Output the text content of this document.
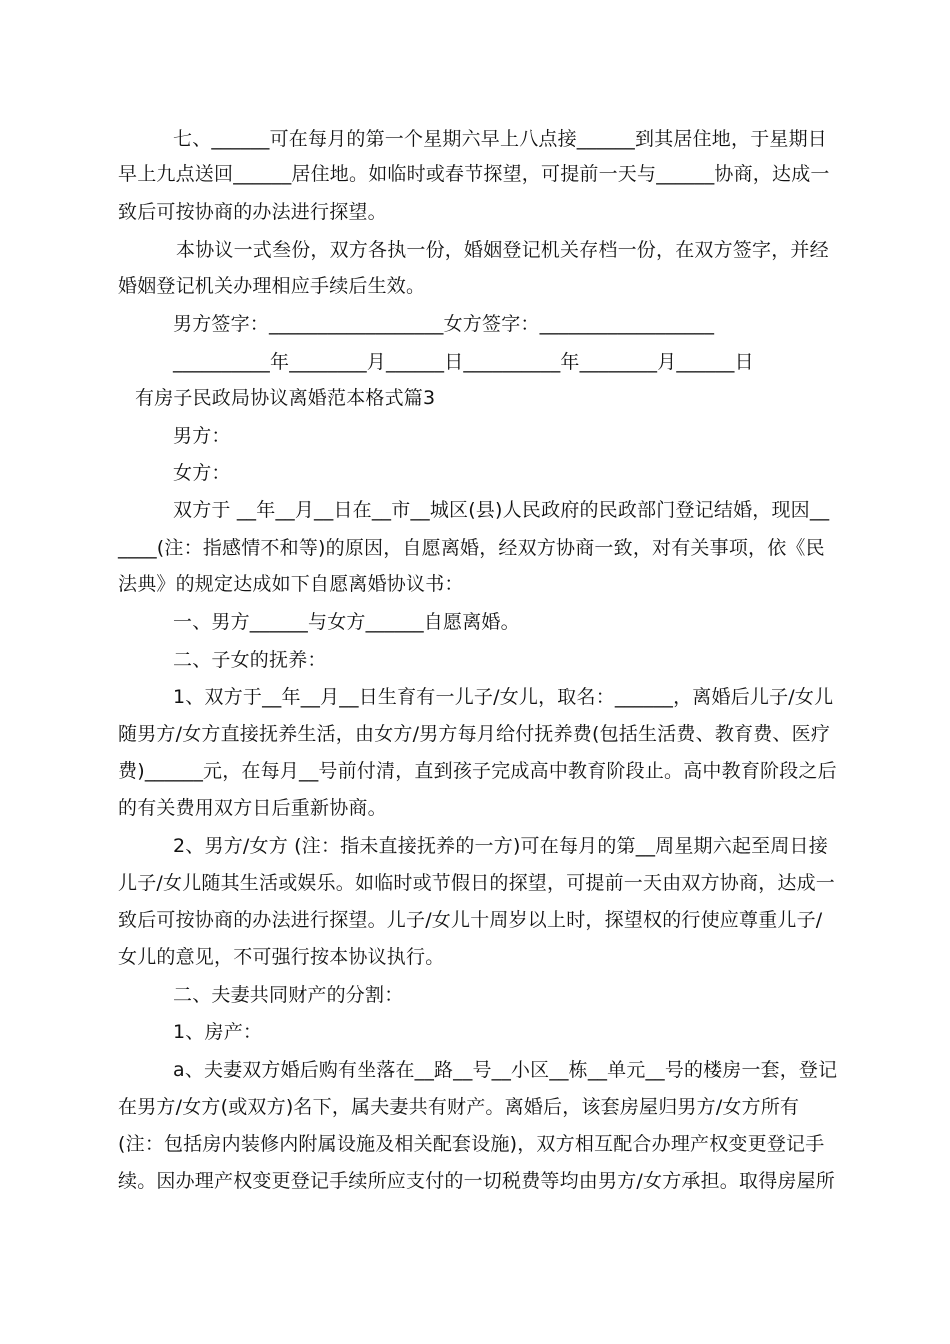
七、______可在每月的第一个星期六早上八点接______到其居住地，于星期日
早上九点送回______居住地。如临时或春节探望，可提前一天与______协商，达成一
致后可按协商的办法进行探望。
本协议一式叁份，双方各执一份，婚姻登记机关存档一份，在双方签字，并经
婚姻登记机关办理相应手续后生效。
男方签字：__________________女方签字：__________________
__________年________月______日__________年________月______日
有房子民政局协议离婚范本格式篇3
男方：
女方：
双方于 __年__月__日在__市__城区(县)人民政府的民政部门登记结婚，现因__
____(注：指感情不和等)的原因，自愿离婚，经双方协商一致，对有关事项，依《民
法典》的规定达成如下自愿离婚协议书：
一、男方______与女方______自愿离婚。
二、子女的抚养：
1、双方于__年__月__日生育有一儿子/女儿，取名：______，离婚后儿子/女儿
随男方/女方直接抚养生活，由女方/男方每月给付抚养费(包括生活费、教育费、医疗
费)______元，在每月__号前付清，直到孩子完成高中教育阶段止。高中教育阶段之后
的有关费用双方日后重新协商。
2、男方/女方 (注：指未直接抚养的一方)可在每月的第__周星期六起至周日接
儿子/女儿随其生活或娱乐。如临时或节假日的探望，可提前一天由双方协商，达成一
致后可按协商的办法进行探望。儿子/女儿十周岁以上时，探望权的行使应尊重儿子/
女儿的意见，不可强行按本协议执行。
二、夫妻共同财产的分割：
1、房产：
a、夫妻双方婚后购有坐落在__路__号__小区__栋__单元__号的楼房一套，登记
在男方/女方(或双方)名下，属夫妻共有财产。离婚后，该套房屋归男方/女方所有
(注：包括房内装修内附属设施及相关配套设施)，双方相互配合办理产权变更登记手
续。因办理产权变更登记手续所应支付的一切税费等均由男方/女方承担。取得房屋所
